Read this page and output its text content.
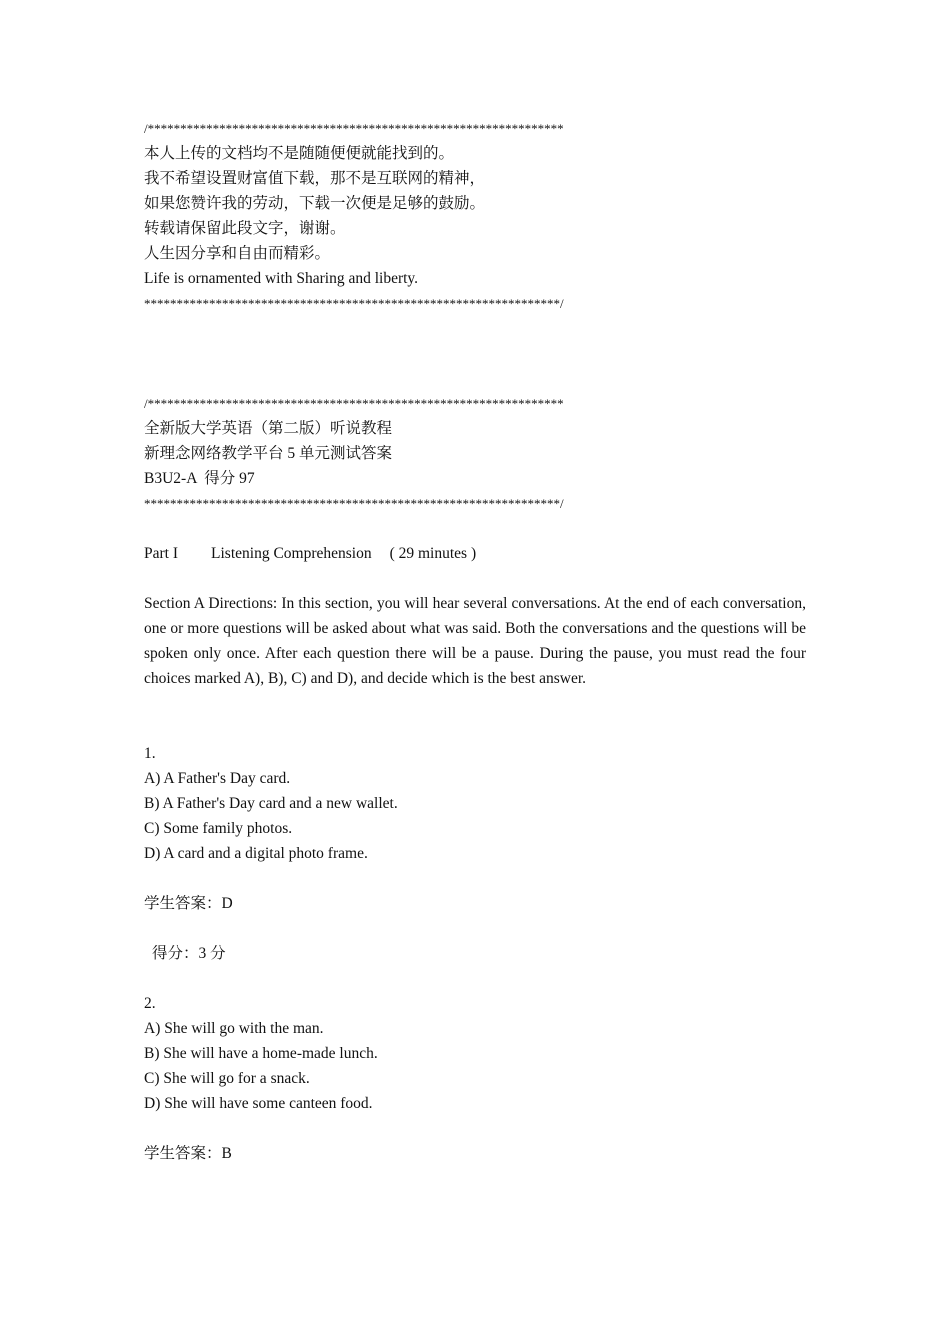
/****************************************************************
本人上传的文档均不是随随便便就能找到的。
我不希望设置财富值下载，那不是互联网的精神，
如果您赞许我的劳动，下载一次便是足够的鼓励。
转载请保留此段文字，谢谢。
人生因分享和自由而精彩。
Life is ornamented with Sharing and liberty.
****************************************************************/
/****************************************************************
全新版大学英语（第二版）听说教程
新理念网络教学平台 5 单元测试答案
B3U2-A  得分 97
****************************************************************/
Part I Listening Comprehension ( 29 minutes )

Section A Directions: In this section, you will hear several conversations. At the end of each conversation, one or more questions will be asked about what was said. Both the conversations and the questions will be spoken only once. After each question there will be a pause. During the pause, you must read the four choices marked A), B), C) and D), and decide which is the best answer.

1.
A) A Father's Day card.
B) A Father's Day card and a new wallet.
C) Some family photos.
D) A card and a digital photo frame.
学生答案：D
得分：3 分
2.
A) She will go with the man.
B) She will have a home-made lunch.
C) She will go for a snack.
D) She will have some canteen food.
学生答案：B
